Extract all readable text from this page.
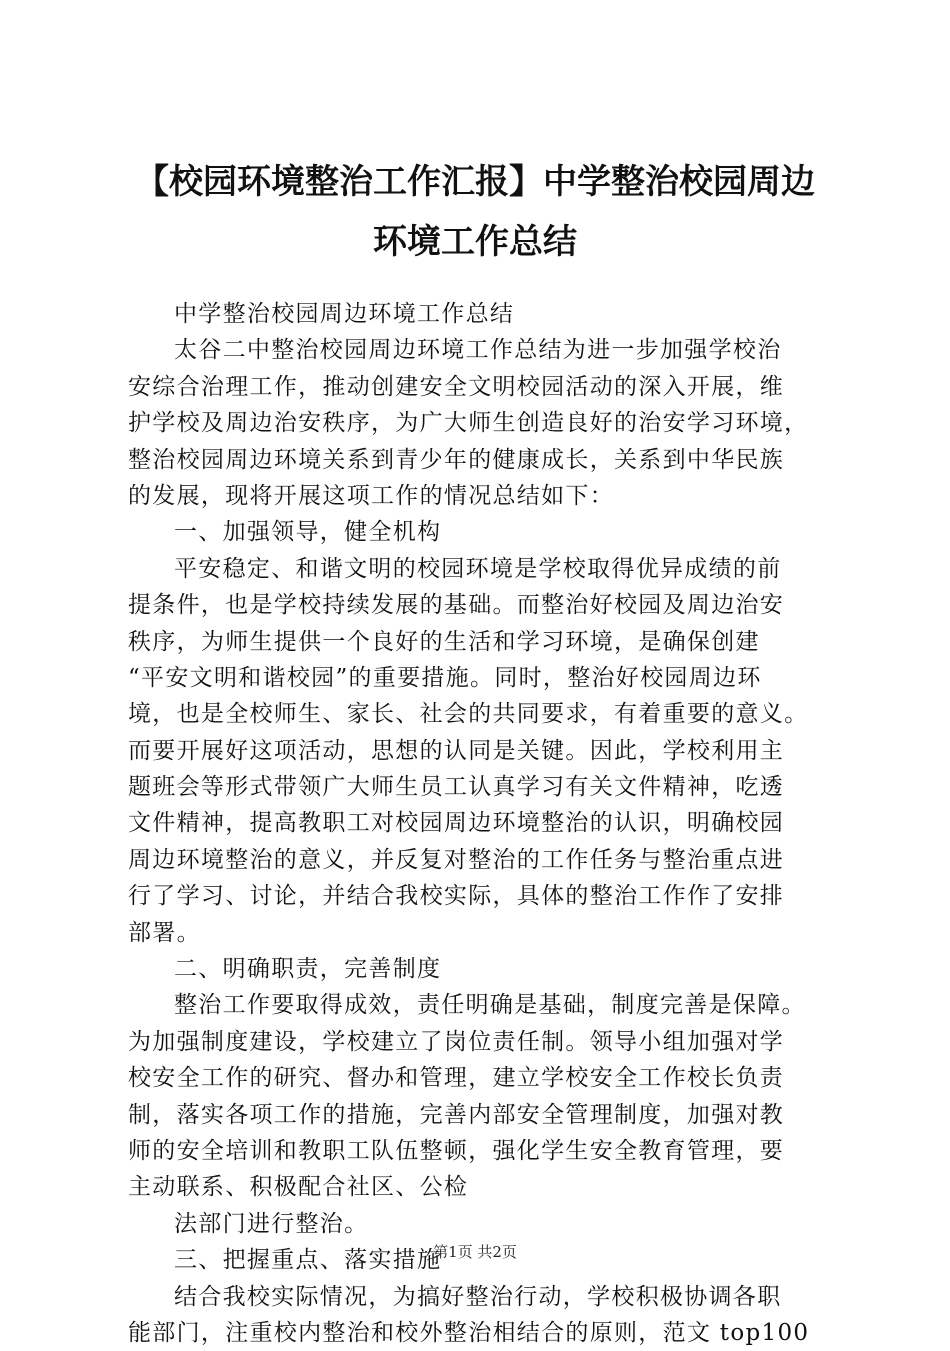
【校园环境整治工作汇报】中学整治校园周边
环境工作总结
中学整治校园周边环境工作总结
太谷二中整治校园周边环境工作总结为进一步加强学校治
安综合治理工作，推动创建安全文明校园活动的深入开展，维
护学校及周边治安秩序，为广大师生创造良好的治安学习环境，
整治校园周边环境关系到青少年的健康成长，关系到中华民族
的发展，现将开展这项工作的情况总结如下：
一、加强领导，健全机构
平安稳定、和谐文明的校园环境是学校取得优异成绩的前
提条件，也是学校持续发展的基础。而整治好校园及周边治安
秩序，为师生提供一个良好的生活和学习环境，是确保创建
“平安文明和谐校园”的重要措施。同时，整治好校园周边环
境，也是全校师生、家长、社会的共同要求，有着重要的意义。
而要开展好这项活动，思想的认同是关键。因此，学校利用主
题班会等形式带领广大师生员工认真学习有关文件精神，吃透
文件精神，提高教职工对校园周边环境整治的认识，明确校园
周边环境整治的意义，并反复对整治的工作任务与整治重点进
行了学习、讨论，并结合我校实际，具体的整治工作作了安排
部署。
二、明确职责，完善制度
整治工作要取得成效，责任明确是基础，制度完善是保障。
为加强制度建设，学校建立了岗位责任制。领导小组加强对学
校安全工作的研究、督办和管理，建立学校安全工作校长负责
制，落实各项工作的措施，完善内部安全管理制度，加强对教
师的安全培训和教职工队伍整顿，强化学生安全教育管理，要
主动联系、积极配合社区、公检
法部门进行整治。
三、把握重点、落实措施
结合我校实际情况，为搞好整治行动，学校积极协调各职
能部门，注重校内整治和校外整治相结合的原则，范文 top100
第1页 共2页
